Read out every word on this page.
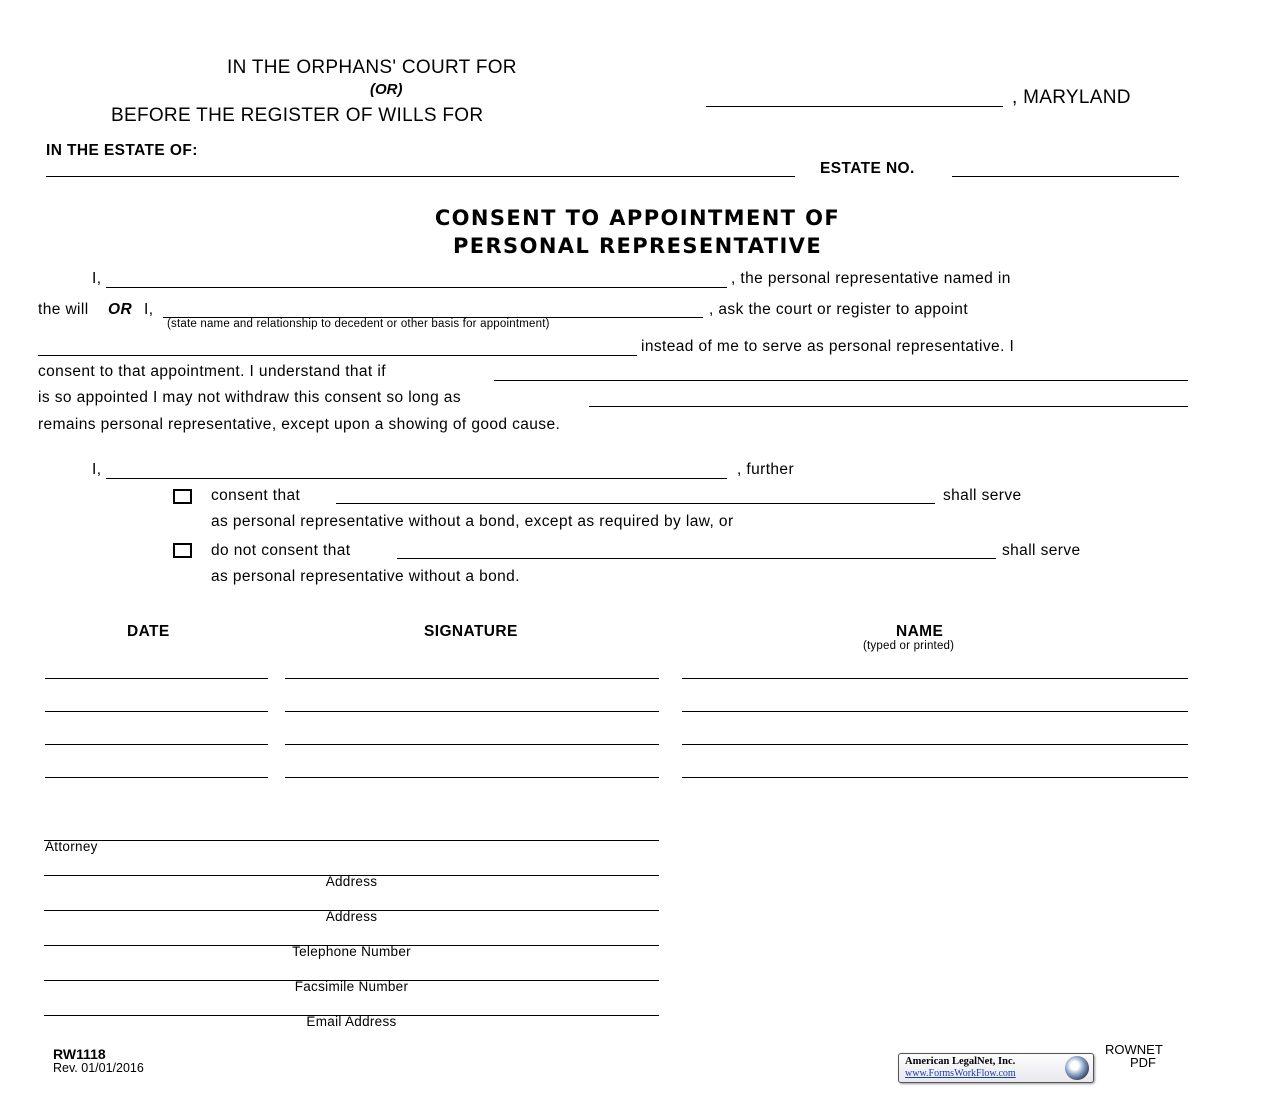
IN THE ORPHANS' COURT FOR
(OR)
BEFORE THE REGISTER OF WILLS FOR
, MARYLAND
IN THE ESTATE OF:
ESTATE NO.
CONSENT TO APPOINTMENT OF
PERSONAL REPRESENTATIVE
I,	, the personal representative named in
the will OR I,	, ask the court or register to appoint
(state name and relationship to decedent or other basis for appointment)
instead of me to serve as personal representative. I
consent to that appointment. I understand that if
is so appointed I may not withdraw this consent so long as
remains personal representative, except upon a showing of good cause.
I,	, further
consent that	shall serve
as personal representative without a bond, except as required by law, or
do not consent that	shall serve
as personal representative without a bond.
DATE	SIGNATURE	NAME
(typed or printed)
Attorney
Address
Address
Telephone Number
Facsimile Number
Email Address
RW1118
Rev. 01/01/2016	American LegalNet, Inc.
www.FormsWorkFlow.com
ROWNET
PDF
